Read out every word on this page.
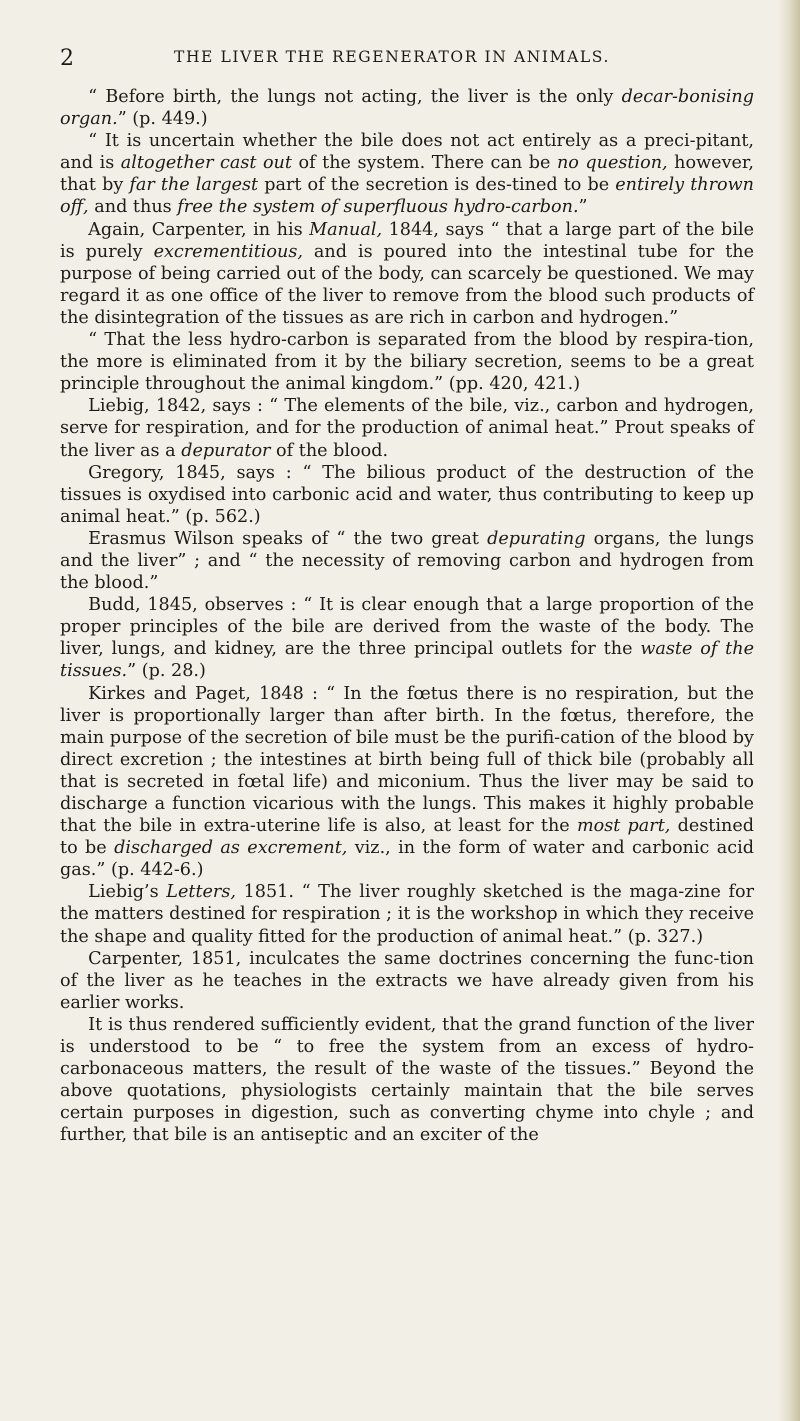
2	THE LIVER THE REGENERATOR IN ANIMALS.

“ Before birth, the lungs not acting, the liver is the only decar-bonising organ.” (p. 449.)

“ It is uncertain whether the bile does not act entirely as a preci-pitant, and is altogether cast out of the system. There can be no question, however, that by far the largest part of the secretion is des-tined to be entirely thrown off, and thus free the system of superfluous hydro-carbon.”

Again, Carpenter, in his Manual, 1844, says “ that a large part of the bile is purely excrementitious, and is poured into the intestinal tube for the purpose of being carried out of the body, can scarcely be questioned. We may regard it as one office of the liver to remove from the blood such products of the disintegration of the tissues as are rich in carbon and hydrogen.”

“ That the less hydro-carbon is separated from the blood by respira-tion, the more is eliminated from it by the biliary secretion, seems to be a great principle throughout the animal kingdom.” (pp. 420, 421.)

Liebig, 1842, says : “ The elements of the bile, viz., carbon and hydrogen, serve for respiration, and for the production of animal heat.” Prout speaks of the liver as a depurator of the blood.

Gregory, 1845, says : “ The bilious product of the destruction of the tissues is oxydised into carbonic acid and water, thus contributing to keep up animal heat.” (p. 562.)

Erasmus Wilson speaks of “ the two great depurating organs, the lungs and the liver” ; and “ the necessity of removing carbon and hydrogen from the blood.”

Budd, 1845, observes : “ It is clear enough that a large proportion of the proper principles of the bile are derived from the waste of the body. The liver, lungs, and kidney, are the three principal outlets for the waste of the tissues.” (p. 28.)

Kirkes and Paget, 1848 : “ In the fœtus there is no respiration, but the liver is proportionally larger than after birth. In the fœtus, therefore, the main purpose of the secretion of bile must be the purifi-cation of the blood by direct excretion ; the intestines at birth being full of thick bile (probably all that is secreted in fœtal life) and miconium. Thus the liver may be said to discharge a function vicarious with the lungs. This makes it highly probable that the bile in extra-uterine life is also, at least for the most part, destined to be discharged as excrement, viz., in the form of water and carbonic acid gas.” (p. 442-6.)

Liebig’s Letters, 1851. “ The liver roughly sketched is the maga-zine for the matters destined for respiration ; it is the workshop in which they receive the shape and quality fitted for the production of animal heat.” (p. 327.)

Carpenter, 1851, inculcates the same doctrines concerning the func-tion of the liver as he teaches in the extracts we have already given from his earlier works.

It is thus rendered sufficiently evident, that the grand function of the liver is understood to be “ to free the system from an excess of hydro-carbonaceous matters, the result of the waste of the tissues.” Beyond the above quotations, physiologists certainly maintain that the bile serves certain purposes in digestion, such as converting chyme into chyle ; and further, that bile is an antiseptic and an exciter of the
